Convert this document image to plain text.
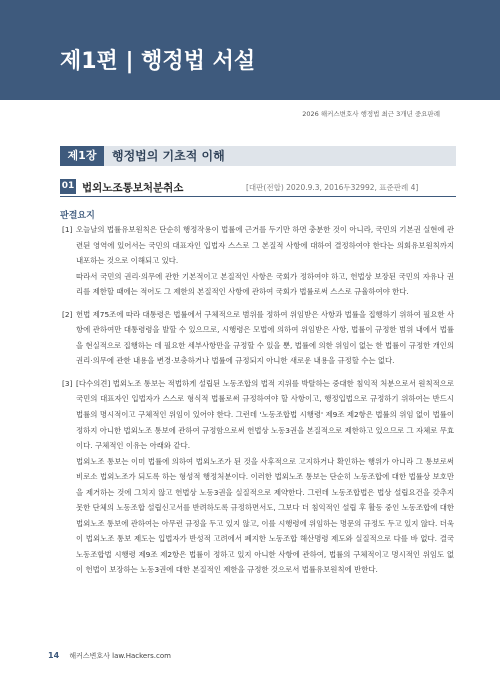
제1편 | 행정법 서설
2026 해커스변호사 행정법 최근 3개년 중요판례
제1장	행정법의 기초적 이해
01 법외노조통보처분취소	[대판(전합) 2020.9.3, 2016두32992, 표준판례 4]
판결요지
[1] 오늘날의 법률유보원칙은 단순히 행정작용이 법률에 근거를 두기만 하면 충분한 것이 아니라, 국민의 기본권 실현에 관련된 영역에 있어서는 국민의 대표자인 입법자 스스로 그 본질적 사항에 대하여 결정하여야 한다는 의회유보원칙까지 내포하는 것으로 이해되고 있다.

따라서 국민의 권리·의무에 관한 기본적이고 본질적인 사항은 국회가 정하여야 하고, 헌법상 보장된 국민의 자유나 권리를 제한할 때에는 적어도 그 제한의 본질적인 사항에 관하여 국회가 법률로써 스스로 규율하여야 한다.

[2] 헌법 제75조에 따라 대통령은 법률에서 구체적으로 범위를 정하여 위임받은 사항과 법률을 집행하기 위하여 필요한 사항에 관하여만 대통령령을 발할 수 있으므로, 시행령은 모법에 의하여 위임받은 사항, 법률이 규정한 범위 내에서 법률을 현실적으로 집행하는 데 필요한 세부사항만을 규정할 수 있을 뿐, 법률에 의한 위임이 없는 한 법률이 규정한 개인의 권리·의무에 관한 내용을 변경·보충하거나 법률에 규정되지 아니한 새로운 내용을 규정할 수는 없다.

[3] [다수의견] 법외노조 통보는 적법하게 설립된 노동조합의 법적 지위를 박탈하는 중대한 침익적 처분으로서 원칙적으로 국민의 대표자인 입법자가 스스로 형식적 법률로써 규정하여야 할 사항이고, 행정입법으로 규정하기 위하여는 반드시 법률의 명시적이고 구체적인 위임이 있어야 한다. 그런데 '노동조합법 시행령' 제9조 제2항은 법률의 위임 없이 법률이 정하지 아니한 법외노조 통보에 관하여 규정함으로써 헌법상 노동3권을 본질적으로 제한하고 있으므로 그 자체로 무효이다. 구체적인 이유는 아래와 같다.

법외노조 통보는 이미 법률에 의하여 법외노조가 된 것을 사후적으로 고지하거나 확인하는 행위가 아니라 그 통보로써 비로소 법외노조가 되도록 하는 형성적 행정처분이다. 이러한 법외노조 통보는 단순히 노동조합에 대한 법률상 보호만을 제거하는 것에 그치지 않고 헌법상 노동3권을 실질적으로 제약한다. 그런데 노동조합법은 법상 설립요건을 갖추지 못한 단체의 노동조합 설립신고서를 반려하도록 규정하면서도, 그보다 더 침익적인 설립 후 활동 중인 노동조합에 대한 법외노조 통보에 관하여는 아무런 규정을 두고 있지 않고, 이를 시행령에 위임하는 명문의 규정도 두고 있지 않다. 더욱이 법외노조 통보 제도는 입법자가 반성적 고려에서 폐지한 노동조합 해산명령 제도와 실질적으로 다를 바 없다. 결국 노동조합법 시행령 제9조 제2항은 법률이 정하고 있지 아니한 사항에 관하여, 법률의 구체적이고 명시적인 위임도 없이 헌법이 보장하는 노동3권에 대한 본질적인 제한을 규정한 것으로서 법률유보원칙에 반한다.

14 해커스변호사 law.Hackers.com
